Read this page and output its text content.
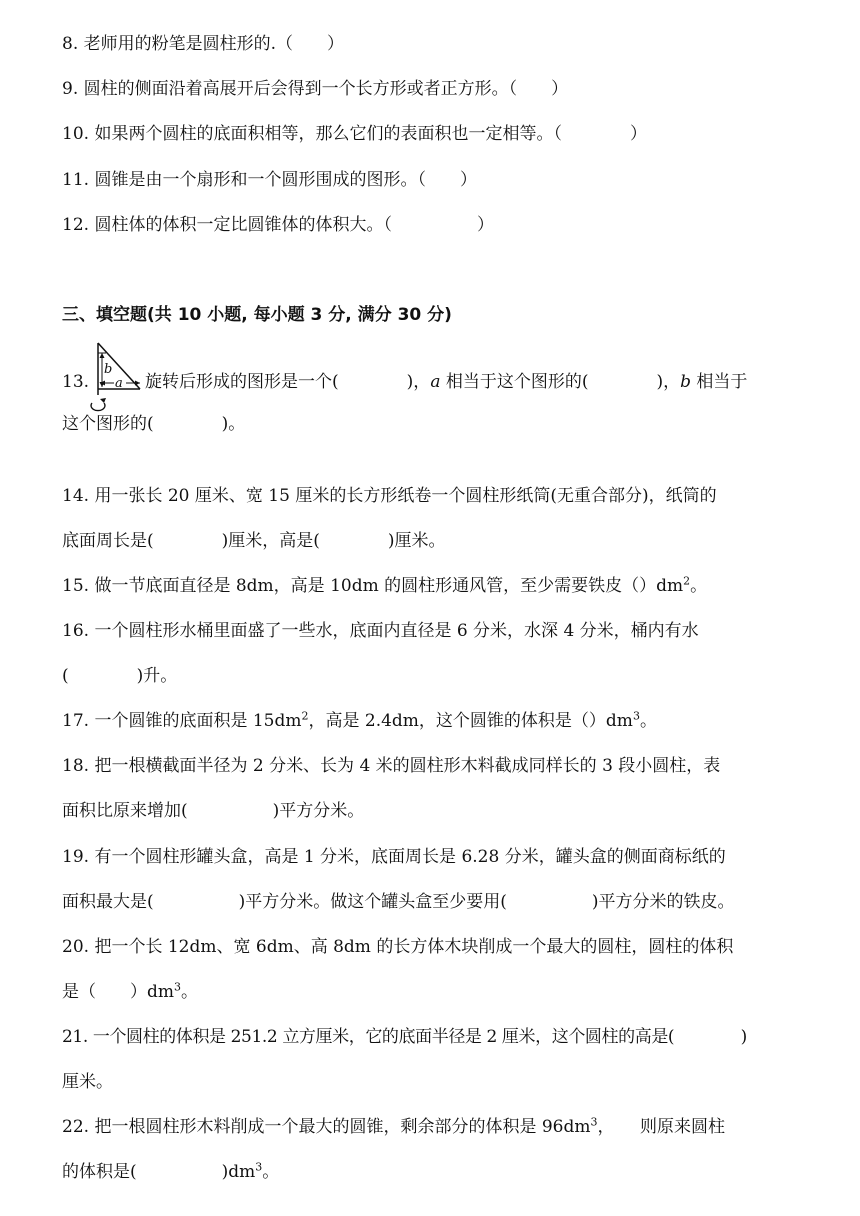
8. 老师用的粉笔是圆柱形的.（　　）
9. 圆柱的侧面沿着高展开后会得到一个长方形或者正方形。（　　）
10. 如果两个圆柱的底面积相等，那么它们的表面积也一定相等。（　　　　）
11. 圆锥是由一个扇形和一个圆形围成的图形。（　　）
12. 圆柱体的体积一定比圆锥体的体积大。（　　　　　）
三、填空题(共 10 小题, 每小题 3 分, 满分 30 分)
13.	旋转后形成的图形是一个(　　　　)，a 相当于这个图形的(　　　　)，b 相当于
b
a
这个图形的(　　　　)。
14. 用一张长 20 厘米、宽 15 厘米的长方形纸卷一个圆柱形纸筒(无重合部分)，纸筒的
底面周长是(　　　　)厘米，高是(　　　　)厘米。
15. 做一节底面直径是 8dm，高是 10dm 的圆柱形通风管，至少需要铁皮$()dm^2$。
16. 一个圆柱形水桶里面盛了一些水，底面内直径是 6 分米，水深 4 分米，桶内有水
(　　　　)升。
17. 一个圆锥的底面积是 $15dm^2$，高是 2.4dm，这个圆锥的体积是$()dm^3$。
18. 把一根横截面半径为 2 分米、长为 4 米的圆柱形木料截成同样长的 3 段小圆柱，表
面积比原来增加(　　　　　)平方分米。
19. 有一个圆柱形罐头盒，高是 1 分米，底面周长是 6.28 分米，罐头盒的侧面商标纸的
面积最大是(　　　　　)平方分米。做这个罐头盒至少要用(　　　　　)平方分米的铁皮。
20. 把一个长 12dm、宽 6dm、高 8dm 的长方体木块削成一个最大的圆柱，圆柱的体积
是（　　）$dm^3$。
21. 一个圆柱的体积是 251.2 立方厘米，它的底面半径是 2 厘米，这个圆柱的高是(　　　　)
厘米。
22. 把一根圆柱形木料削成一个最大的圆锥，剩余部分的体积是 $96dm^3$，　　则原来圆柱
的体积是(　　　　　)$dm^3$。
